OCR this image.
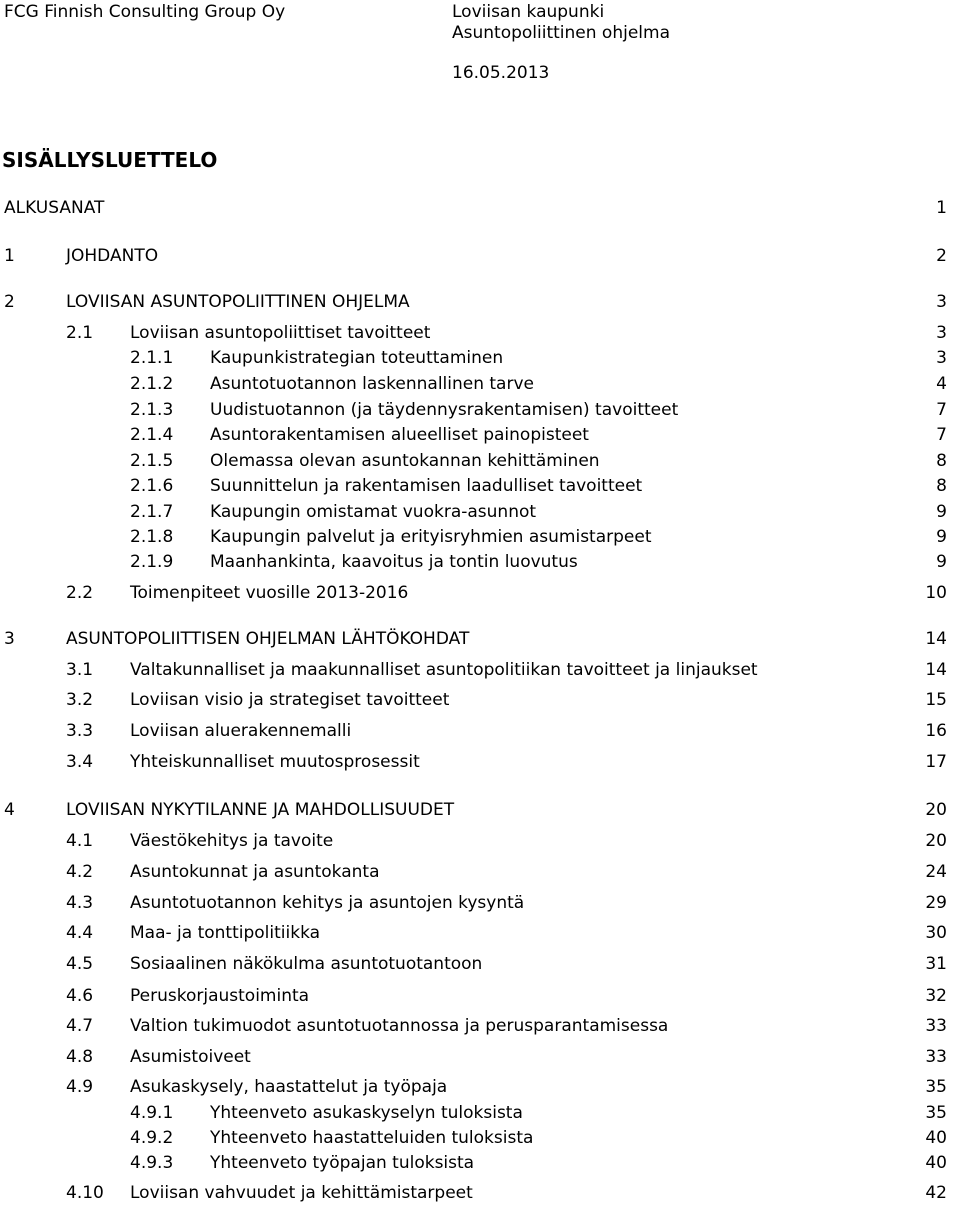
FCG Finnish Consulting Group Oy	Loviisan kaupunki
Asuntopoliittinen ohjelma
16.05.2013
SISÄLLYSLUETTELO
ALKUSANAT	1
1	JOHDANTO	2
2	LOVIISAN ASUNTOPOLIITTINEN OHJELMA	3
2.1 Loviisan asuntopoliittiset tavoitteet	3
2.1.1 Kaupunkistrategian toteuttaminen	3
2.1.2 Asuntotuotannon laskennallinen tarve	4
2.1.3 Uudistuotannon (ja täydennysrakentamisen) tavoitteet	7
2.1.4 Asuntorakentamisen alueelliset painopisteet	7
2.1.5 Olemassa olevan asuntokannan kehittäminen	8
2.1.6 Suunnittelun ja rakentamisen laadulliset tavoitteet	8
2.1.7 Kaupungin omistamat vuokra-asunnot	9
2.1.8 Kaupungin palvelut ja erityisryhmien asumistarpeet	9
2.1.9 Maanhankinta, kaavoitus ja tontin luovutus	9
2.2 Toimenpiteet vuosille 2013-2016	10
3	ASUNTOPOLIITTISEN OHJELMAN LÄHTÖKOHDAT	14
3.1 Valtakunnalliset ja maakunnalliset asuntopolitiikan tavoitteet ja linjaukset	14
3.2 Loviisan visio ja strategiset tavoitteet	15
3.3 Loviisan aluerakennemalli	16
3.4 Yhteiskunnalliset muutosprosessit	17
4	LOVIISAN NYKYTILANNE JA MAHDOLLISUUDET	20
4.1 Väestökehitys ja tavoite	20
4.2 Asuntokunnat ja asuntokanta	24
4.3 Asuntotuotannon kehitys ja asuntojen kysyntä	29
4.4 Maa- ja tonttipolitiikka	30
4.5 Sosiaalinen näkökulma asuntotuotantoon	31
4.6 Peruskorjaustoiminta	32
4.7 Valtion tukimuodot asuntotuotannossa ja perusparantamisessa	33
4.8 Asumistoiveet	33
4.9 Asukaskysely, haastattelut ja työpaja	35
4.9.1 Yhteenveto asukaskyselyn tuloksista	35
4.9.2 Yhteenveto haastatteluiden tuloksista	40
4.9.3 Yhteenveto työpajan tuloksista	40
4.10 Loviisan vahvuudet ja kehittämistarpeet	42
